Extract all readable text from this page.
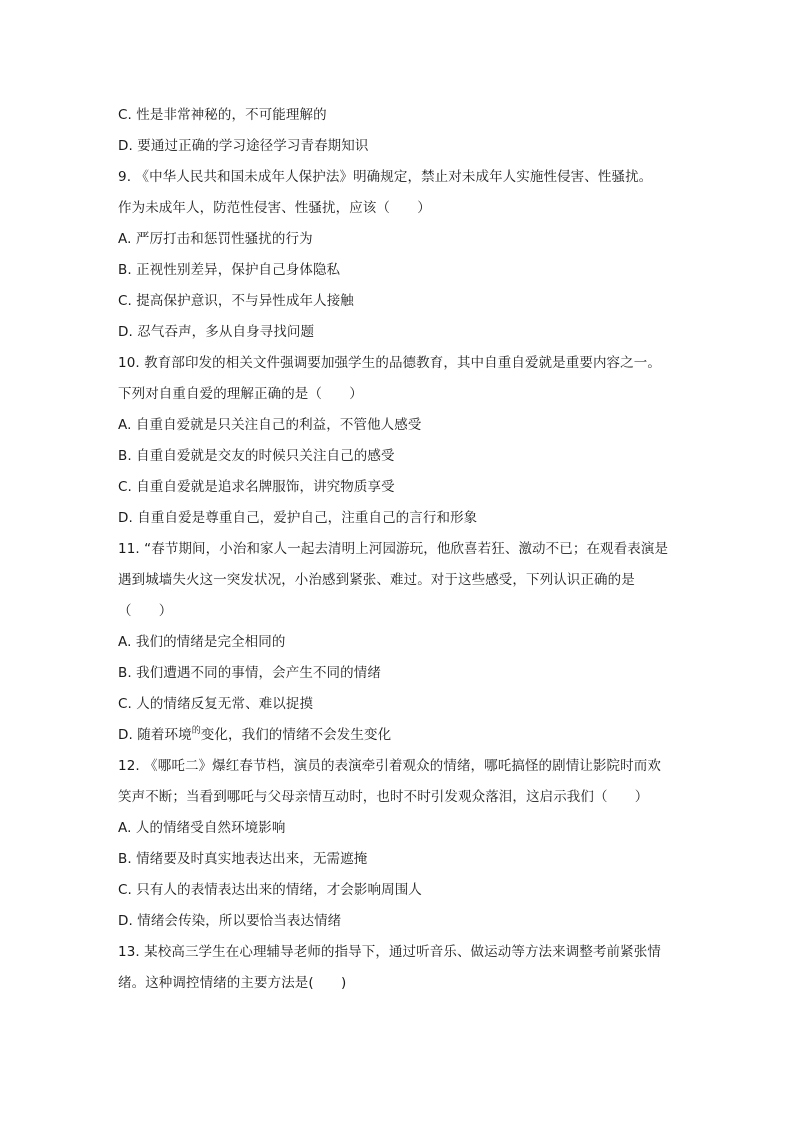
C. 性是非常神秘的，不可能理解的
D. 要通过正确的学习途径学习青春期知识
9. 《中华人民共和国未成年人保护法》明确规定，禁止对未成年人实施性侵害、性骚扰。
作为未成年人，防范性侵害、性骚扰，应该（　　）
A. 严厉打击和惩罚性骚扰的行为
B. 正视性别差异，保护自己身体隐私
C. 提高保护意识，不与异性成年人接触
D. 忍气吞声，多从自身寻找问题
10. 教育部印发的相关文件强调要加强学生的品德教育，其中自重自爱就是重要内容之一。
下列对自重自爱的理解正确的是（　　）
A. 自重自爱就是只关注自己的利益，不管他人感受
B. 自重自爱就是交友的时候只关注自己的感受
C. 自重自爱就是追求名牌服饰，讲究物质享受
D. 自重自爱是尊重自己，爱护自己，注重自己的言行和形象
11. “春节期间，小治和家人一起去清明上河园游玩，他欣喜若狂、激动不已；在观看表演是
遇到城墙失火这一突发状况，小治感到紧张、难过。对于这些感受，下列认识正确的是
（　　）
A. 我们的情绪是完全相同的
B. 我们遭遇不同的事情，会产生不同的情绪
C. 人的情绪反复无常、难以捉摸
D. 随着环境$^的$变化，我们的情绪不会发生变化
12. 《哪吒二》爆红春节档，演员的表演牵引着观众的情绪，哪吒搞怪的剧情让影院时而欢
笑声不断；当看到哪吒与父母亲情互动时，也时不时引发观众落泪，这启示我们（　　）
A. 人的情绪受自然环境影响
B. 情绪要及时真实地表达出来，无需遮掩
C. 只有人的表情表达出来的情绪，才会影响周围人
D. 情绪会传染，所以要恰当表达情绪
13. 某校高三学生在心理辅导老师的指导下，通过听音乐、做运动等方法来调整考前紧张情
绪。这种调控情绪的主要方法是(　　)
